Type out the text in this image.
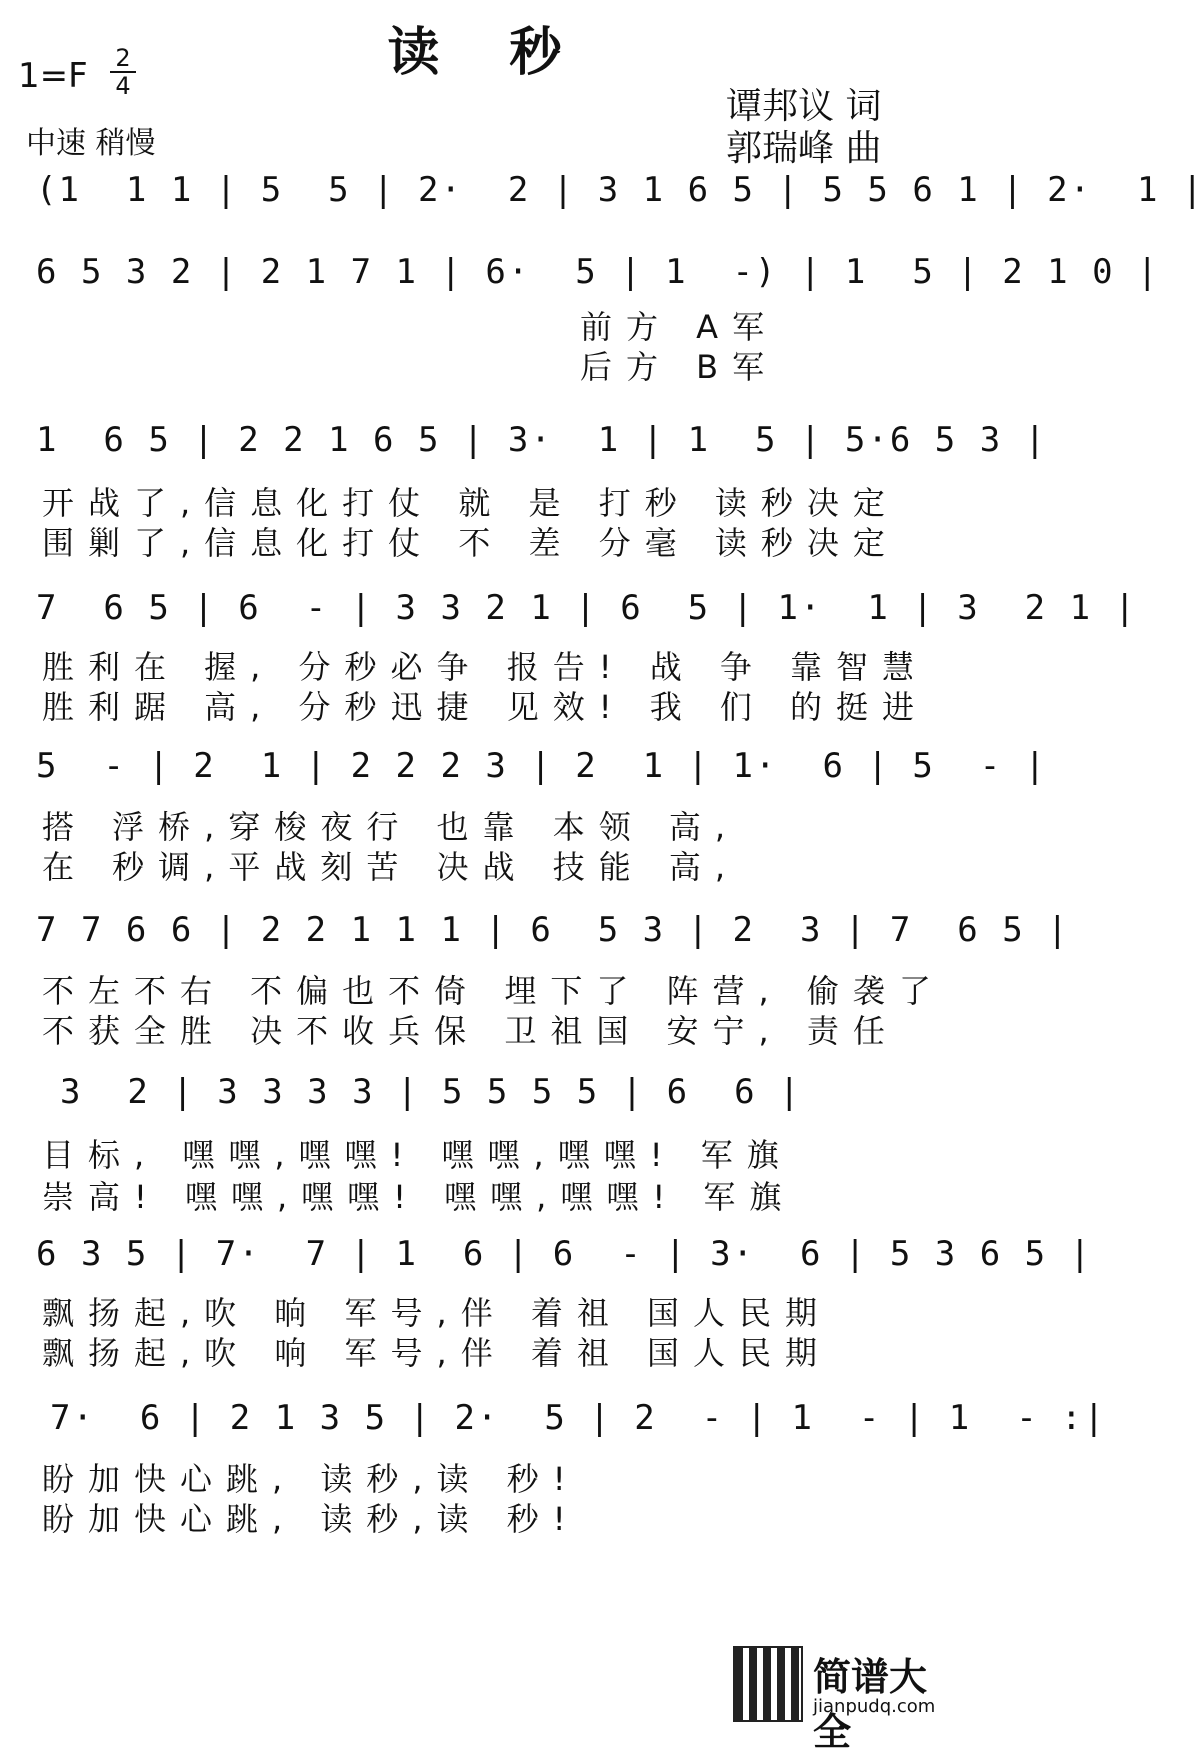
读 秒
1=F 2
4
中速 稍慢
谭邦议 词
郭瑞峰 曲
(1  1 1 | 5  5 | 2·  2 | 3 1 6 5 | 5 5 6 1 | 2·  1 |
6 5 3 2 | 2 1 7 1 | 6·  5 | 1  -) | 1  5 | 2 1 0 |
前方 A军
后方 B军
1  6 5 | 2 2 1 6 5 | 3·  1 | 1  5 | 5·6 5 3 |
开战了,信息化打仗 就 是 打秒 读秒决定
围剿了,信息化打仗 不 差 分毫 读秒决定
7  6 5 | 6  - | 3 3 2 1 | 6  5 | 1·  1 | 3  2 1 |
胜利在 握, 分秒必争 报告! 战 争 靠智慧
胜利踞 高, 分秒迅捷 见效! 我 们 的挺进
5  - | 2  1 | 2 2 2 3 | 2  1 | 1·  6 | 5  - |
搭 浮桥,穿梭夜行 也靠 本领 高,
在 秒调,平战刻苦 决战 技能 高,
7 7 6 6 | 2 2 1 1 1 | 6  5 3 | 2  3 | 7  6 5 |
不左不右 不偏也不倚 埋下了 阵营, 偷袭了
不获全胜 决不收兵保 卫祖国 安宁, 责任
3  2 | 3 3 3 3 | 5 5 5 5 | 6  6 |
目标, 嘿嘿,嘿嘿! 嘿嘿,嘿嘿! 军旗
崇高! 嘿嘿,嘿嘿! 嘿嘿,嘿嘿! 军旗
6 3 5 | 7·  7 | 1  6 | 6  - | 3·  6 | 5 3 6 5 |
飘扬起,吹 晌 军号,伴 着祖 国人民期
飘扬起,吹 响 军号,伴 着祖 国人民期
7·  6 | 2 1 3 5 | 2·  5 | 2  - | 1  - | 1  - :|
盼加快心跳, 读秒,读 秒!
盼加快心跳, 读秒,读 秒!
简谱大全
jianpudq.com
